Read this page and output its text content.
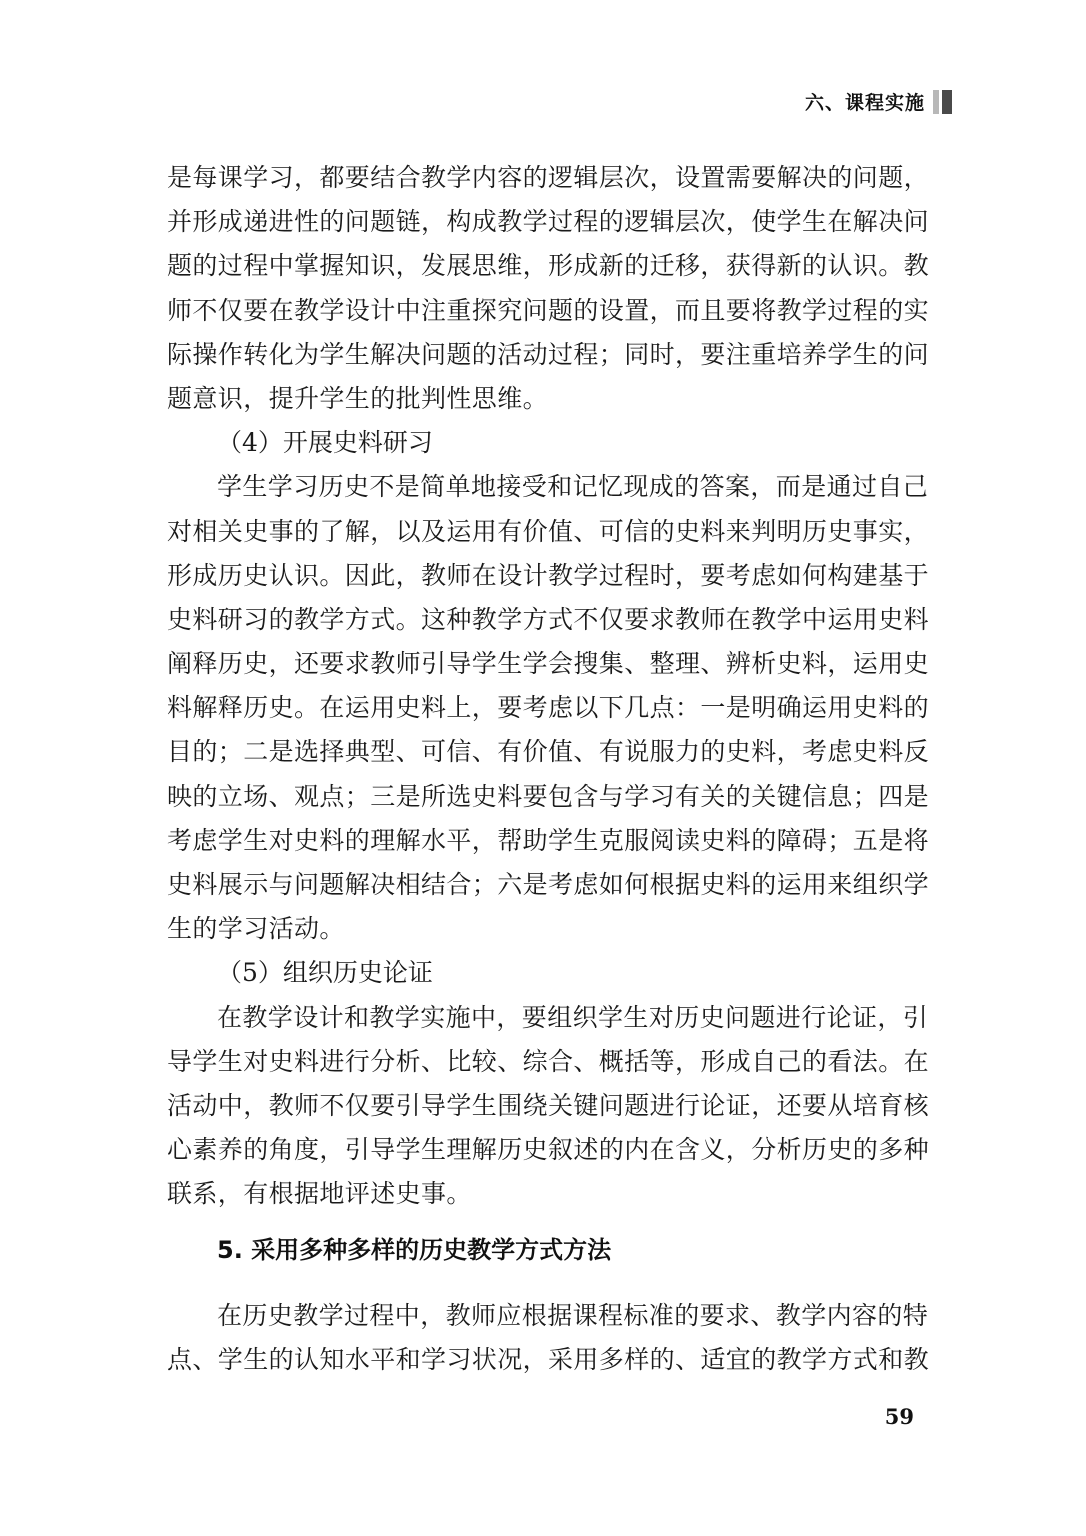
六、课程实施
是每课学习，都要结合教学内容的逻辑层次，设置需要解决的问题，
并形成递进性的问题链，构成教学过程的逻辑层次，使学生在解决问
题的过程中掌握知识，发展思维，形成新的迁移，获得新的认识。教
师不仅要在教学设计中注重探究问题的设置，而且要将教学过程的实
际操作转化为学生解决问题的活动过程；同时，要注重培养学生的问
题意识，提升学生的批判性思维。
（4）开展史料研习
学生学习历史不是简单地接受和记忆现成的答案，而是通过自己
对相关史事的了解，以及运用有价值、可信的史料来判明历史事实，
形成历史认识。因此，教师在设计教学过程时，要考虑如何构建基于
史料研习的教学方式。这种教学方式不仅要求教师在教学中运用史料
阐释历史，还要求教师引导学生学会搜集、整理、辨析史料，运用史
料解释历史。在运用史料上，要考虑以下几点：一是明确运用史料的
目的；二是选择典型、可信、有价值、有说服力的史料，考虑史料反
映的立场、观点；三是所选史料要包含与学习有关的关键信息；四是
考虑学生对史料的理解水平，帮助学生克服阅读史料的障碍；五是将
史料展示与问题解决相结合；六是考虑如何根据史料的运用来组织学
生的学习活动。
（5）组织历史论证
在教学设计和教学实施中，要组织学生对历史问题进行论证，引
导学生对史料进行分析、比较、综合、概括等，形成自己的看法。在
活动中，教师不仅要引导学生围绕关键问题进行论证，还要从培育核
心素养的角度，引导学生理解历史叙述的内在含义，分析历史的多种
联系，有根据地评述史事。
5. 采用多种多样的历史教学方式方法
在历史教学过程中，教师应根据课程标准的要求、教学内容的特
点、学生的认知水平和学习状况，采用多样的、适宜的教学方式和教
59
